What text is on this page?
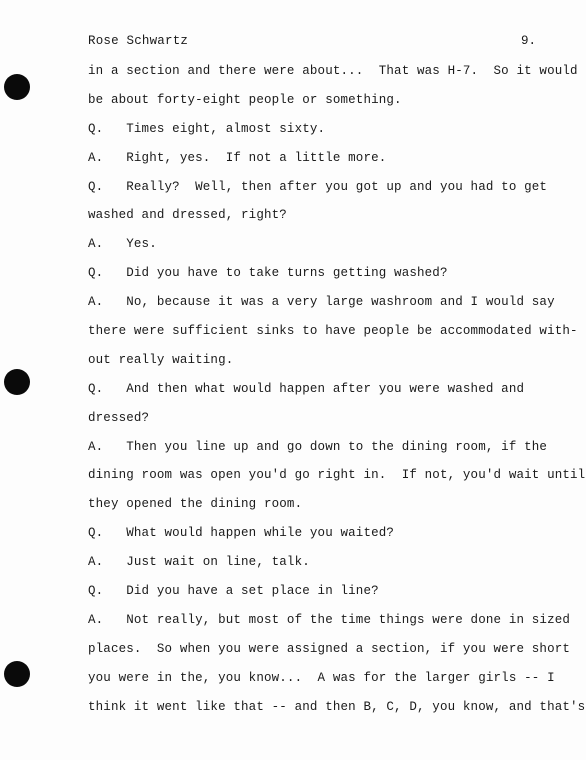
Rose Schwartz	9.
in a section and there were about...  That was H-7.  So it would
be about forty-eight people or something.
Q.   Times eight, almost sixty.
A.   Right, yes.  If not a little more.
Q.   Really?  Well, then after you got up and you had to get
washed and dressed, right?
A.   Yes.
Q.   Did you have to take turns getting washed?
A.   No, because it was a very large washroom and I would say
there were sufficient sinks to have people be accommodated with-
out really waiting.
Q.   And then what would happen after you were washed and
dressed?
A.   Then you line up and go down to the dining room, if the
dining room was open you'd go right in.  If not, you'd wait until
they opened the dining room.
Q.   What would happen while you waited?
A.   Just wait on line, talk.
Q.   Did you have a set place in line?
A.   Not really, but most of the time things were done in sized
places.  So when you were assigned a section, if you were short
you were in the, you know...  A was for the larger girls -- I
think it went like that -- and then B, C, D, you know, and that's
